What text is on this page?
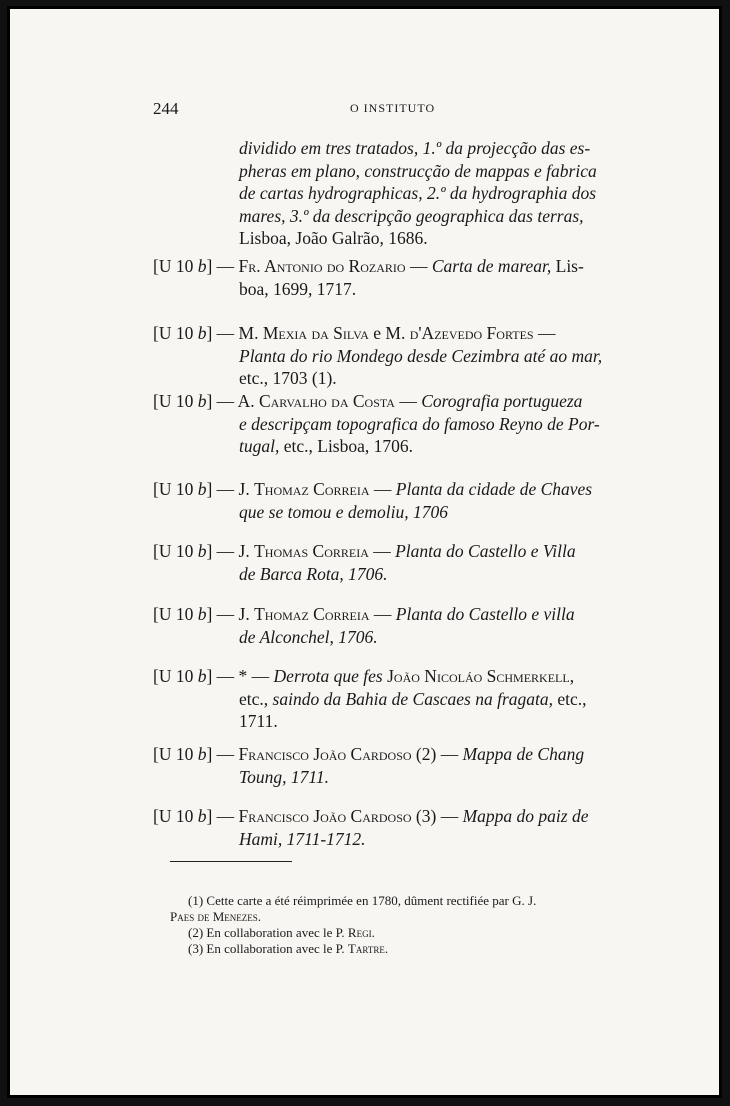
244	O INSTITUTO
dividido em tres tratados, 1.º da projecção das es-
pheras em plano, construcção de mappas e fabrica
de cartas hydrographicas, 2.º da hydrographia dos
mares, 3.º da descripção geographica das terras,
Lisboa, João Galrão, 1686.
[U 10 b] — Fr. Antonio do Rozario — Carta de marear, Lis-
boa, 1699, 1717.
[U 10 b] — M. Mexia da Silva e M. d'Azevedo Fortes —
Planta do rio Mondego desde Cezimbra até ao mar,
etc., 1703 (1).
[U 10 b] — A. Carvalho da Costa — Corografia portugueza
e descripçam topografica do famoso Reyno de Por-
tugal, etc., Lisboa, 1706.
[U 10 b] — J. Thomaz Correia — Planta da cidade de Chaves
que se tomou e demoliu, 1706
[U 10 b] — J. Thomas Correia — Planta do Castello e Villa
de Barca Rota, 1706.
[U 10 b] — J. Thomaz Correia — Planta do Castello e villa
de Alconchel, 1706.
[U 10 b] — * — Derrota que fes João Nicoláo Schmerkell,
etc., saindo da Bahia de Cascaes na fragata, etc.,
1711.
[U 10 b] — Francisco João Cardoso (2) — Mappa de Chang
Toung, 1711.
[U 10 b] — Francisco João Cardoso (3) — Mappa do paiz de
Hami, 1711-1712.
(1) Cette carte a été réimprimée en 1780, dûment rectifiée par G. J.
Paes de Menezes.
(2) En collaboration avec le P. Regi.
(3) En collaboration avec le P. Tartre.
